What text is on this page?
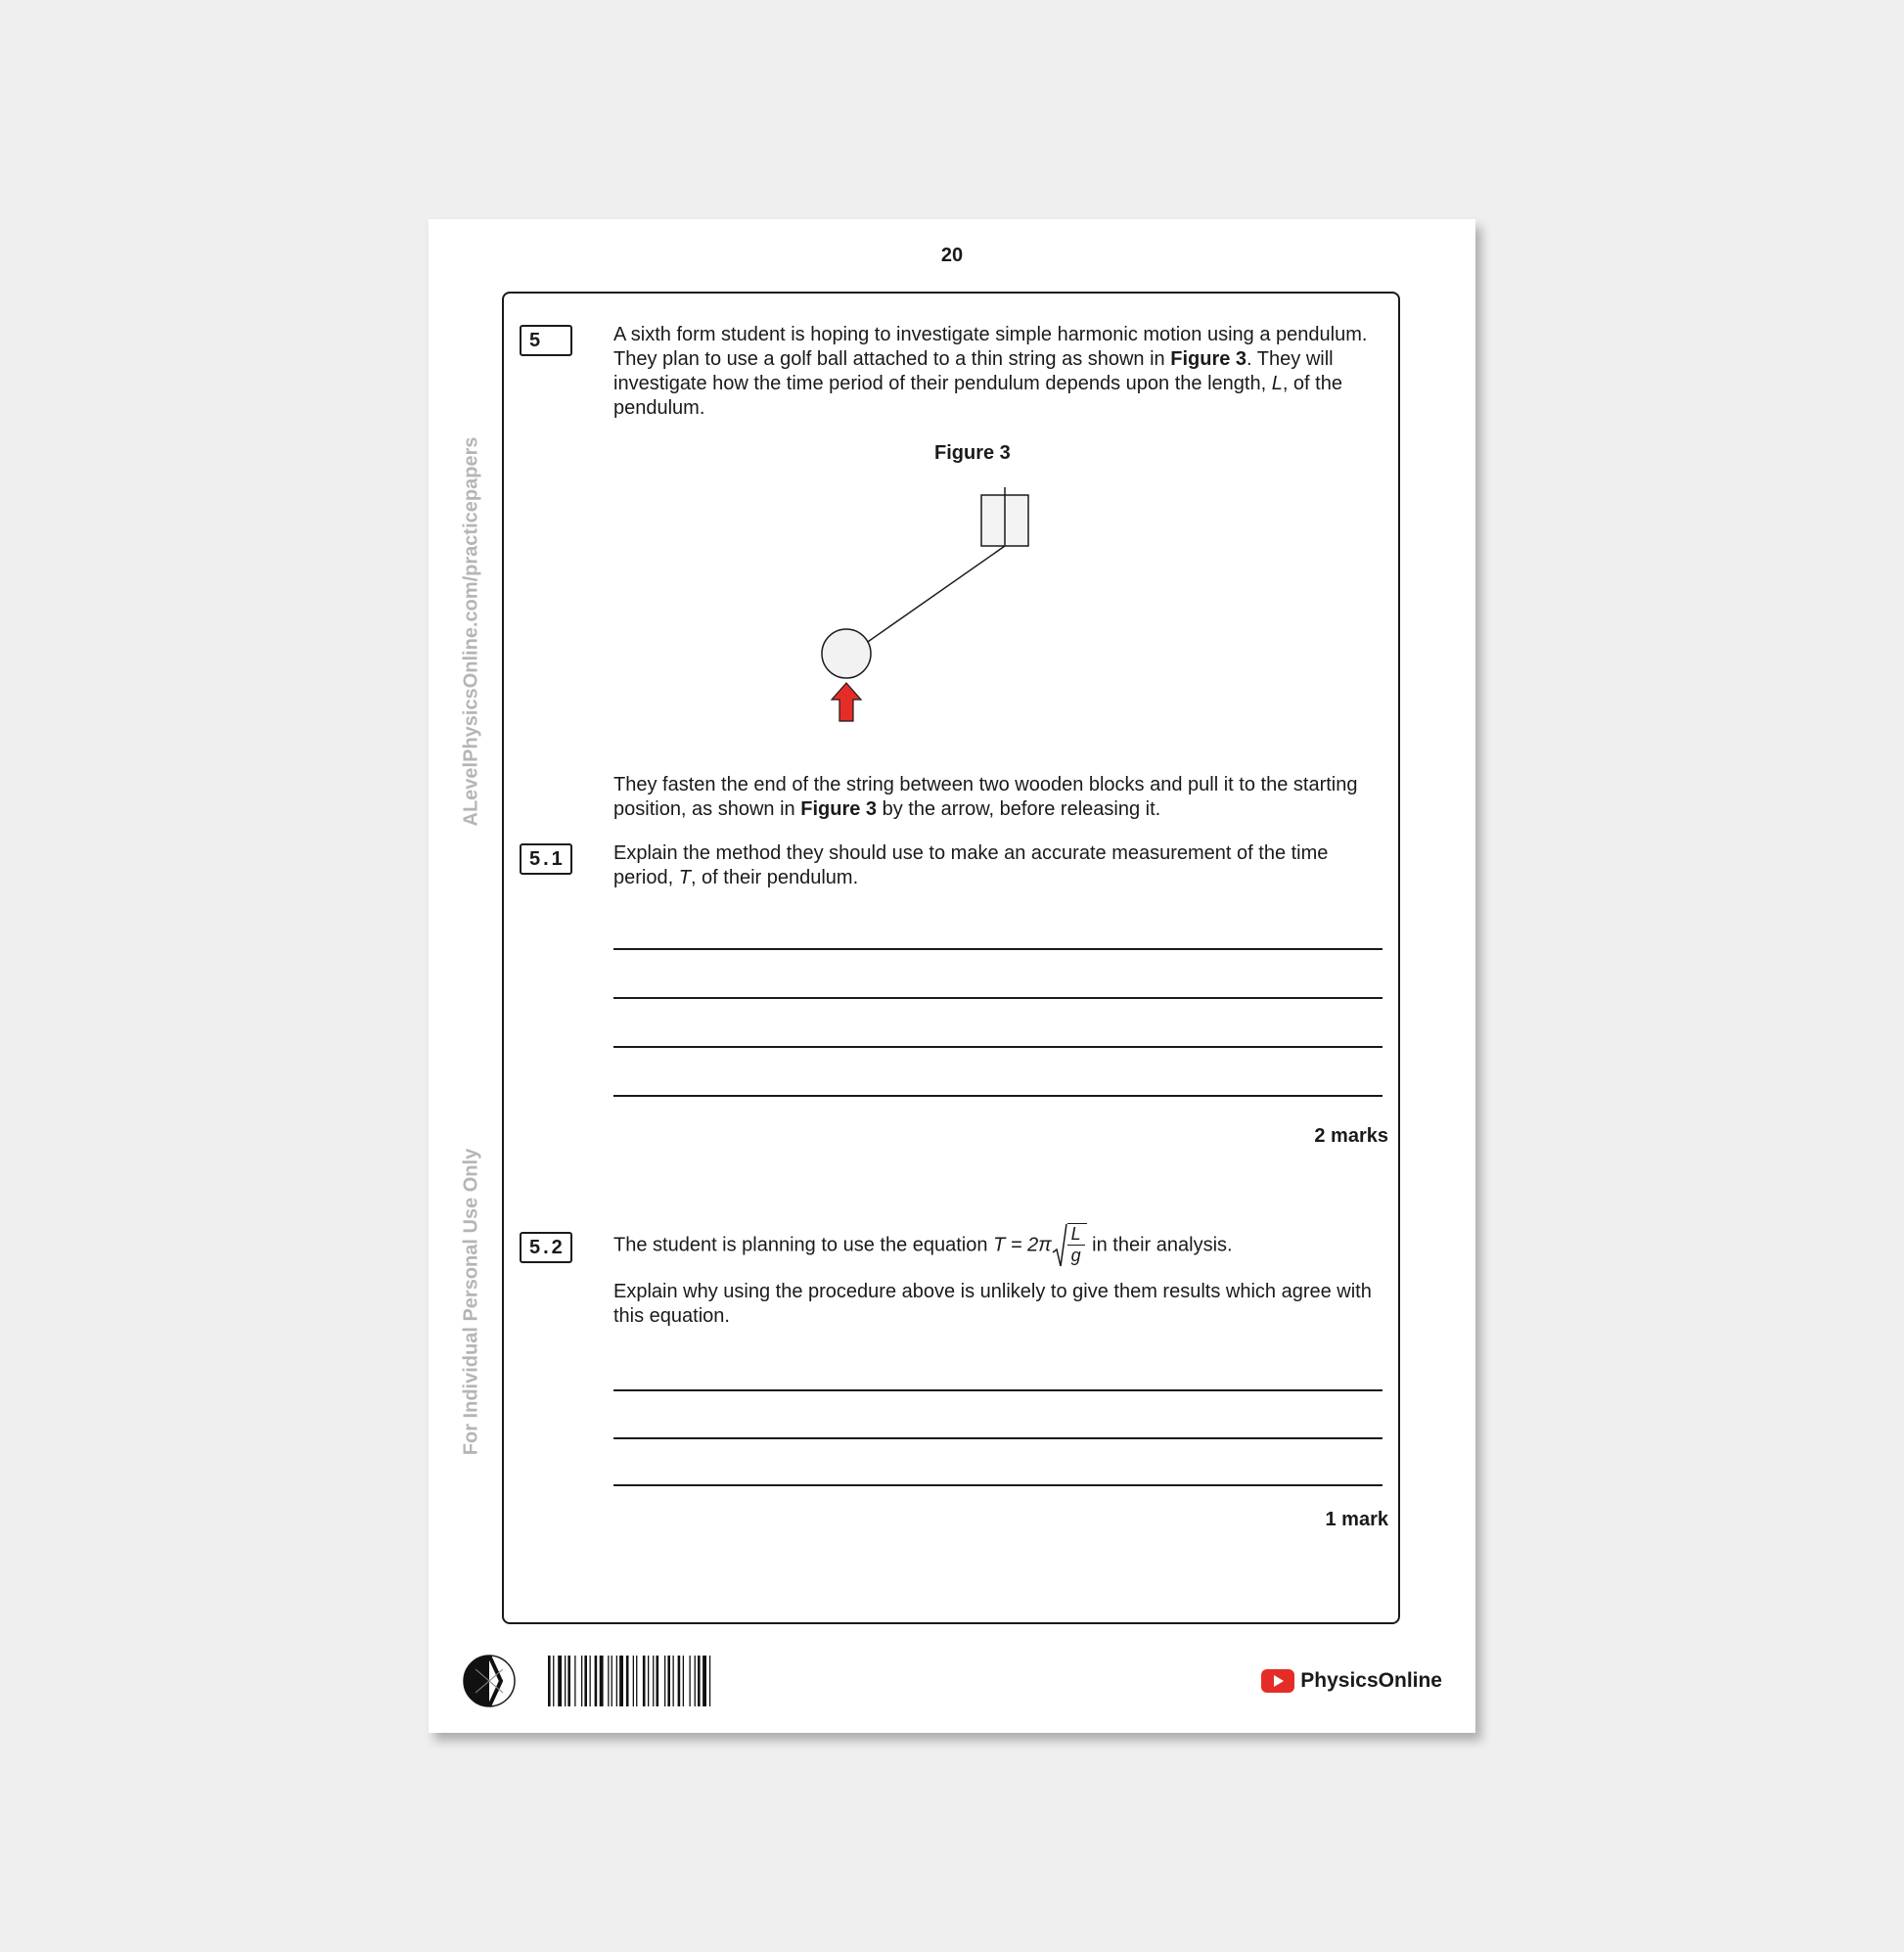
20
ALevelPhysicsOnline.com/practicepapers
For Individual Personal Use Only
5	A sixth form student is hoping to investigate simple harmonic motion using a pendulum. They plan to use a golf ball attached to a thin string as shown in Figure 3. They will investigate how the time period of their pendulum depends upon the length, L, of the pendulum.
Figure 3
They fasten the end of the string between two wooden blocks and pull it to the starting position, as shown in Figure 3 by the arrow, before releasing it.
5.1	Explain the method they should use to make an accurate measurement of the time period, T, of their pendulum.
2 marks
5.2	The student is planning to use the equation $T = 2\pi \frac{L}{g}$ in their analysis.
Explain why using the procedure above is unlikely to give them results which agree with this equation.
1 mark
PhysicsOnline
